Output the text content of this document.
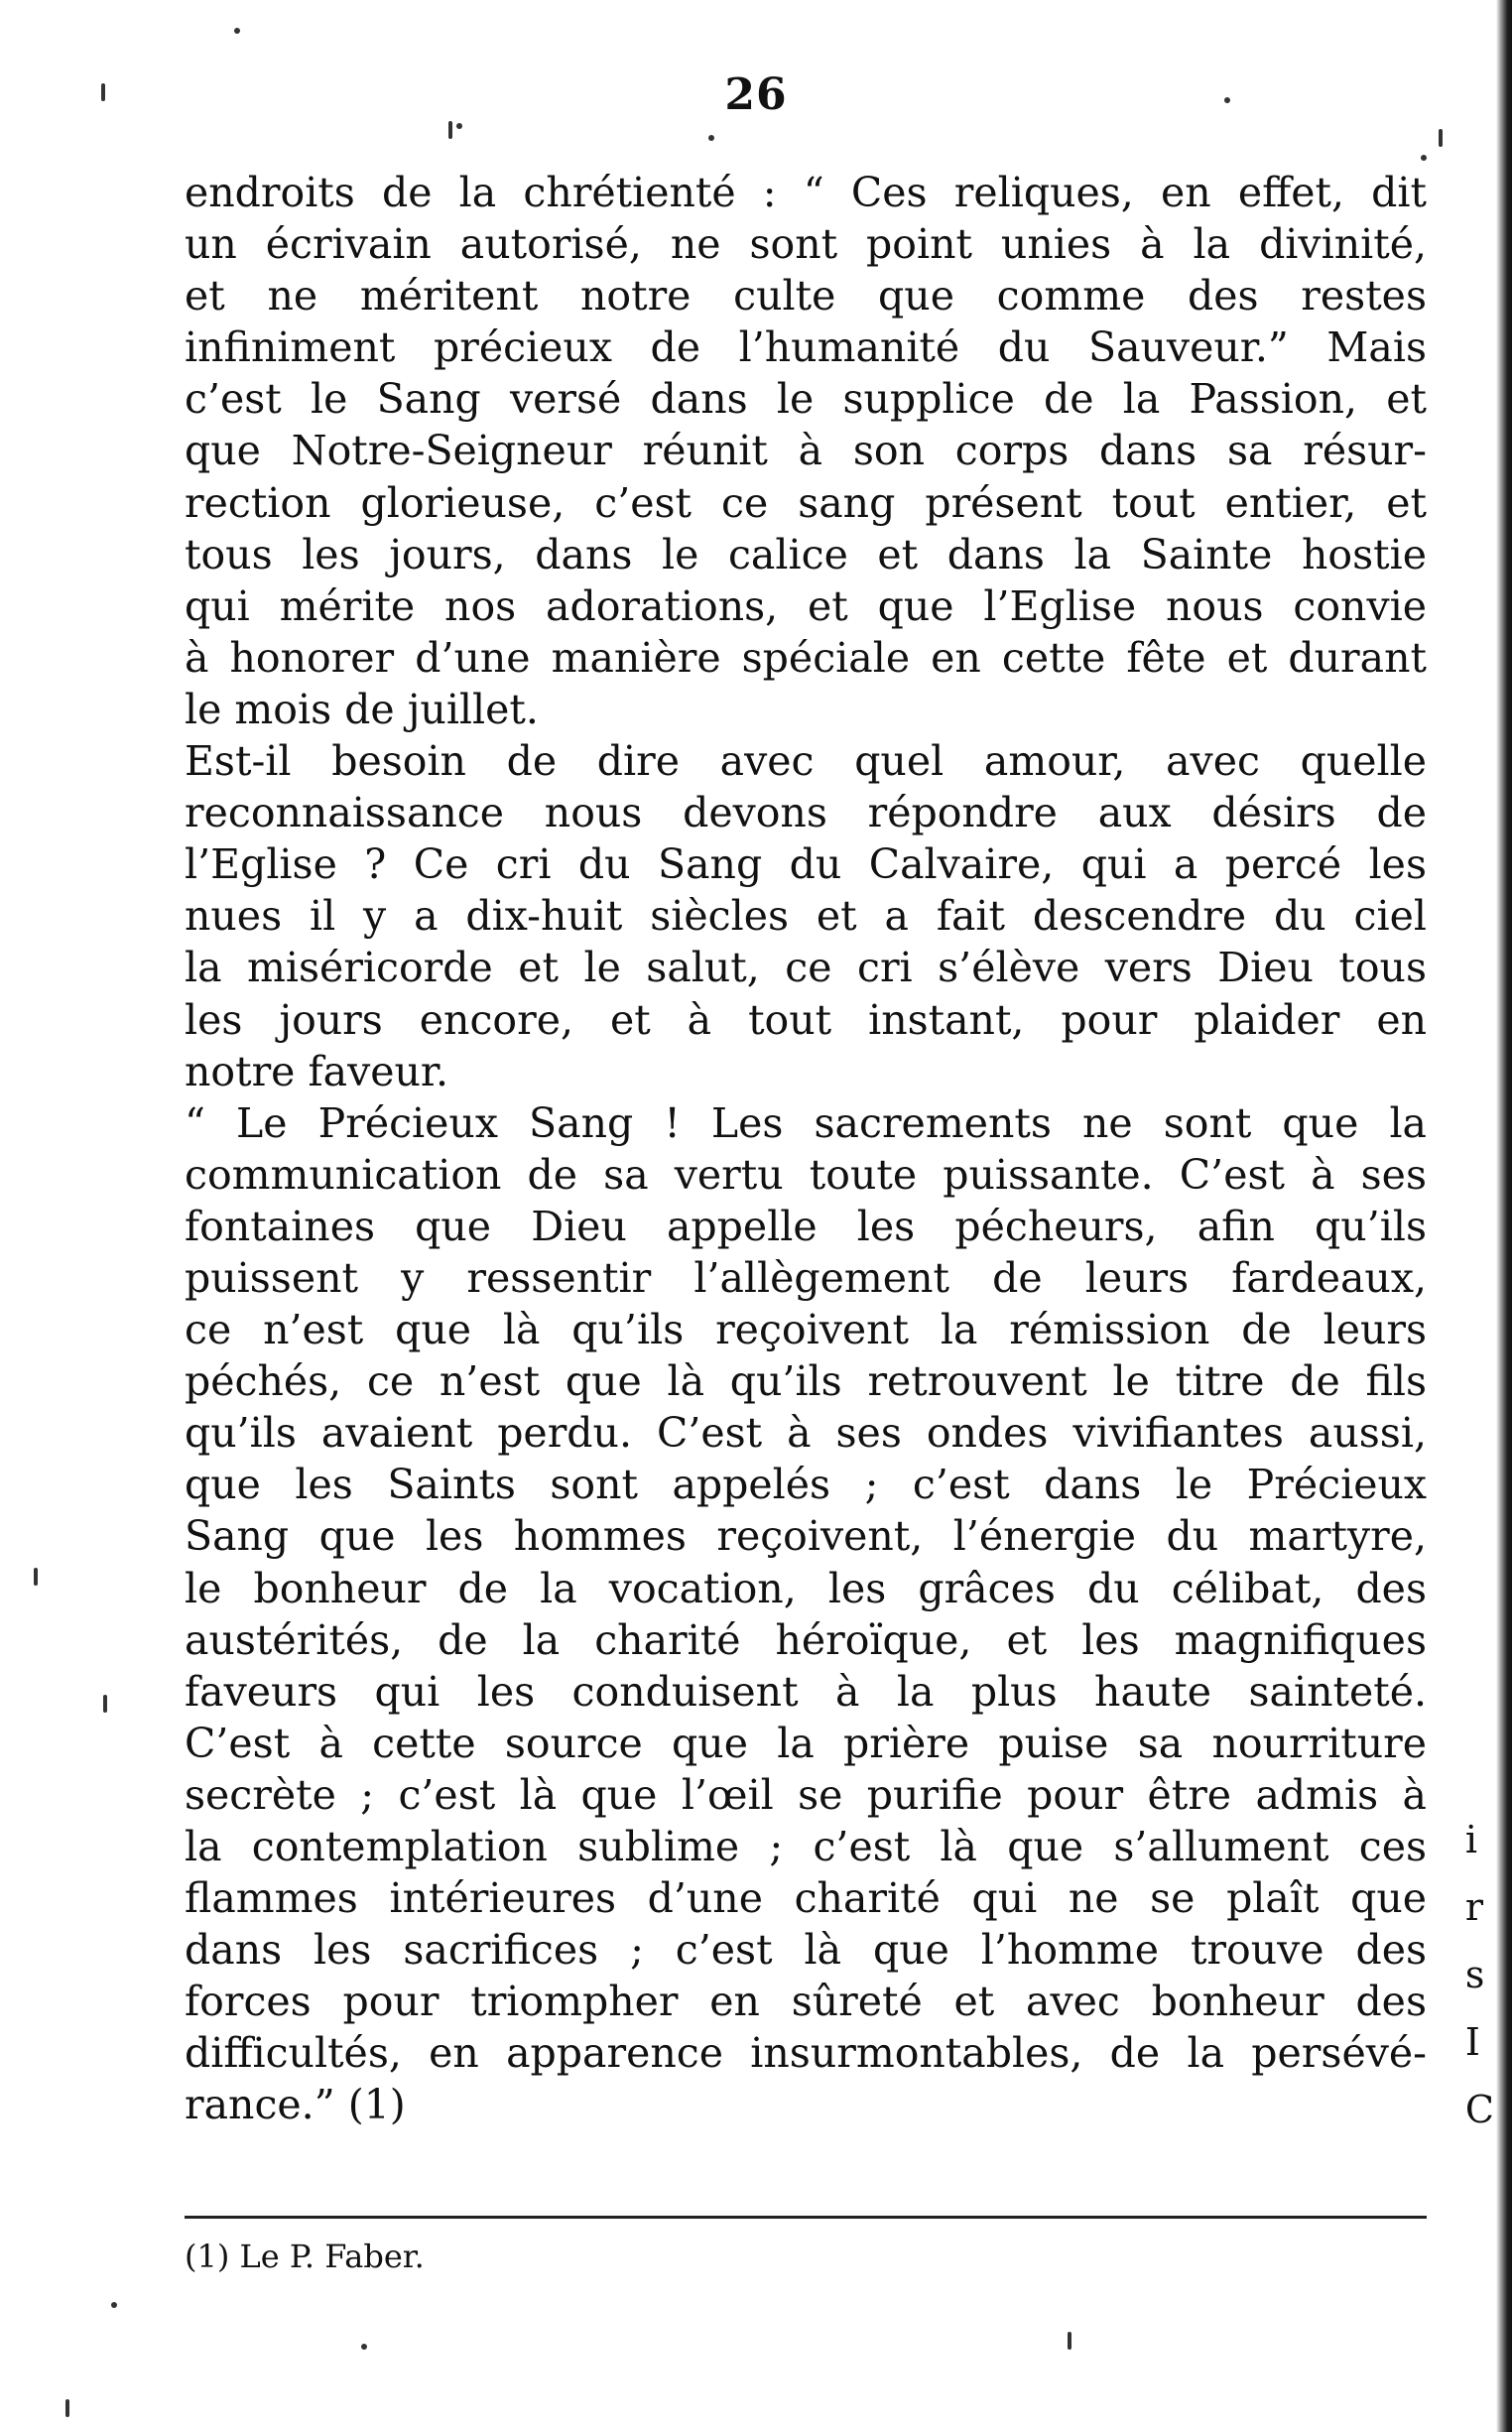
26
endroits de la chrétienté : “ Ces reliques, en effet, dit
un écrivain autorisé, ne sont point unies à la divinité,
et ne méritent notre culte que comme des restes
infiniment précieux de l’humanité du Sauveur.” Mais
c’est le Sang versé dans le supplice de la Passion, et
que Notre-Seigneur réunit à son corps dans sa résur-
rection glorieuse, c’est ce sang présent tout entier, et
tous les jours, dans le calice et dans la Sainte hostie
qui mérite nos adorations, et que l’Eglise nous convie
à honorer d’une manière spéciale en cette fête et durant
le mois de juillet.
Est-il besoin de dire avec quel amour, avec quelle
reconnaissance nous devons répondre aux désirs de
l’Eglise ? Ce cri du Sang du Calvaire, qui a percé les
nues il y a dix-huit siècles et a fait descendre du ciel
la miséricorde et le salut, ce cri s’élève vers Dieu tous
les jours encore, et à tout instant, pour plaider en
notre faveur.
“ Le Précieux Sang ! Les sacrements ne sont que la
communication de sa vertu toute puissante. C’est à ses
fontaines que Dieu appelle les pécheurs, afin qu’ils
puissent y ressentir l’allègement de leurs fardeaux,
ce n’est que là qu’ils reçoivent la rémission de leurs
péchés, ce n’est que là qu’ils retrouvent le titre de fils
qu’ils avaient perdu. C’est à ses ondes vivifiantes aussi,
que les Saints sont appelés ; c’est dans le Précieux
Sang que les hommes reçoivent, l’énergie du martyre,
le bonheur de la vocation, les grâces du célibat, des
austérités, de la charité héroïque, et les magnifiques
faveurs qui les conduisent à la plus haute sainteté.
C’est à cette source que la prière puise sa nourriture
secrète ; c’est là que l’œil se purifie pour être admis à
la contemplation sublime ; c’est là que s’allument ces
flammes intérieures d’une charité qui ne se plaît que
dans les sacrifices ; c’est là que l’homme trouve des
forces pour triompher en sûreté et avec bonheur des
difficultés, en apparence insurmontables, de la persévé-
rance.” (1)
(1) Le P. Faber.
i
r
s
I
C
